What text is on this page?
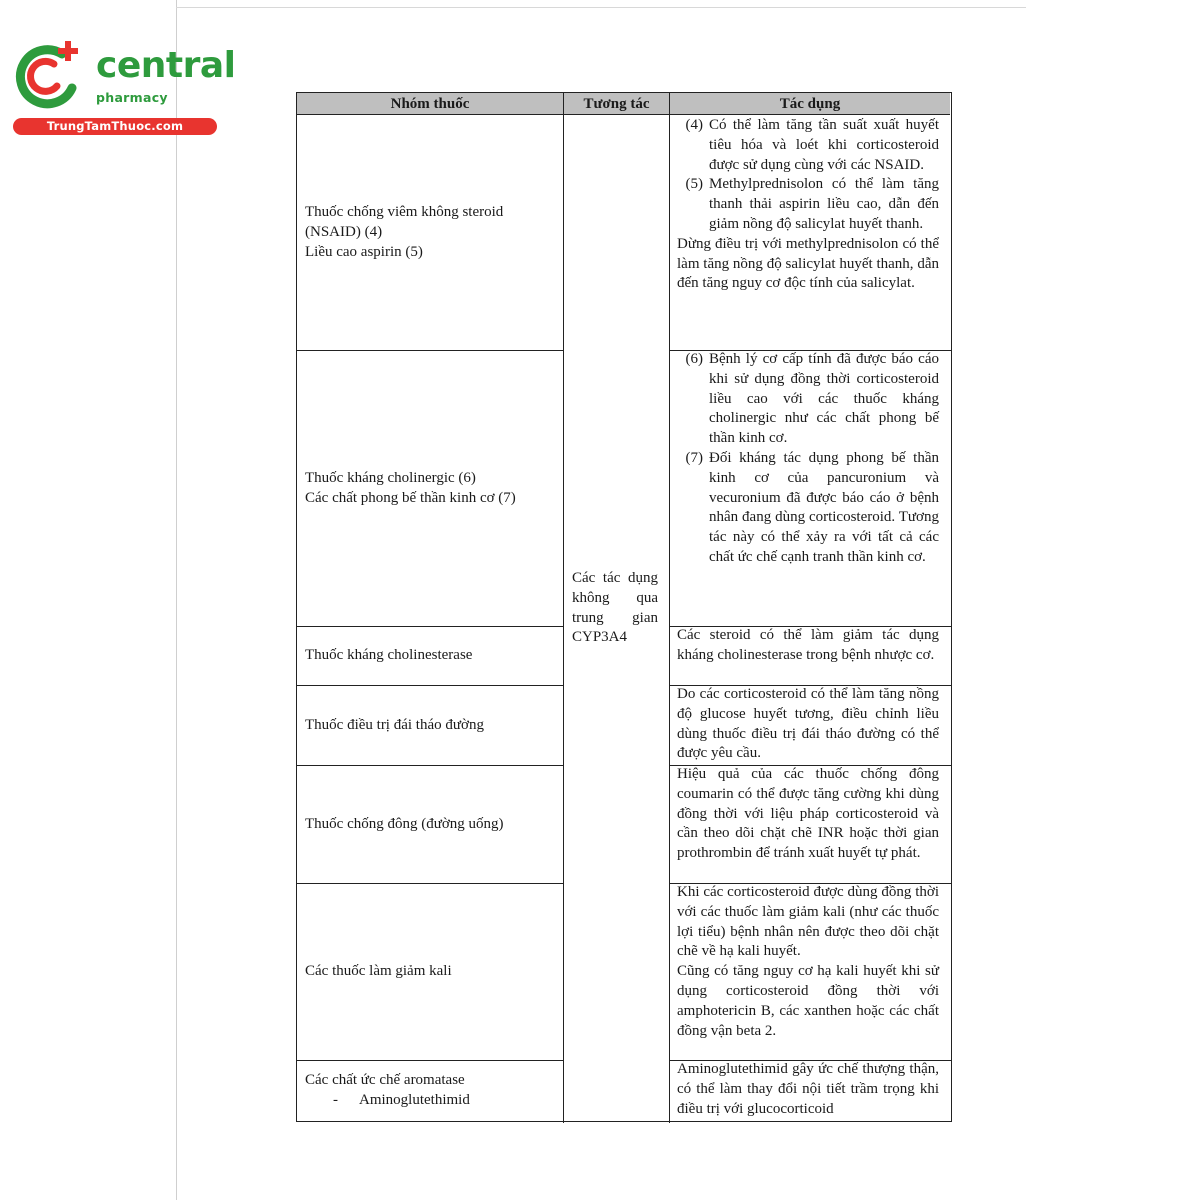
central
pharmacy
TrungTamThuoc.com
Nhóm thuốc	Tương tác	Tác dụng
Các tác dụng không qua trung gian CYP3A4
Thuốc chống viêm không steroid (NSAID) (4)
Liều cao aspirin (5)
(4) Có thể làm tăng tần suất xuất huyết tiêu hóa và loét khi corticosteroid được sử dụng cùng với các NSAID.
(5) Methylprednisolon có thể làm tăng thanh thải aspirin liều cao, dẫn đến giảm nồng độ salicylat huyết thanh.
Dừng điều trị với methylprednisolon có thể làm tăng nồng độ salicylat huyết thanh, dẫn đến tăng nguy cơ độc tính của salicylat.
Thuốc kháng cholinergic (6)
Các chất phong bế thần kinh cơ (7)
(6) Bệnh lý cơ cấp tính đã được báo cáo khi sử dụng đồng thời corticosteroid liều cao với các thuốc kháng cholinergic như các chất phong bế thần kinh cơ.
(7) Đối kháng tác dụng phong bế thần kinh cơ của pancuronium và vecuronium đã được báo cáo ở bệnh nhân đang dùng corticosteroid. Tương tác này có thể xảy ra với tất cả các chất ức chế cạnh tranh thần kinh cơ.
Thuốc kháng cholinesterase
Các steroid có thể làm giảm tác dụng kháng cholinesterase trong bệnh nhược cơ.
Thuốc điều trị đái tháo đường
Do các corticosteroid có thể làm tăng nồng độ glucose huyết tương, điều chỉnh liều dùng thuốc điều trị đái tháo đường có thể được yêu cầu.
Thuốc chống đông (đường uống)
Hiệu quả của các thuốc chống đông coumarin có thể được tăng cường khi dùng đồng thời với liệu pháp corticosteroid và cần theo dõi chặt chẽ INR hoặc thời gian prothrombin để tránh xuất huyết tự phát.
Các thuốc làm giảm kali
Khi các corticosteroid được dùng đồng thời với các thuốc làm giảm kali (như các thuốc lợi tiểu) bệnh nhân nên được theo dõi chặt chẽ về hạ kali huyết.
Cũng có tăng nguy cơ hạ kali huyết khi sử dụng corticosteroid đồng thời với amphotericin B, các xanthen hoặc các chất đồng vận beta 2.
Các chất ức chế aromatase
- Aminoglutethimid
Aminoglutethimid gây ức chế thượng thận, có thể làm thay đổi nội tiết trầm trọng khi điều trị với glucocorticoid
